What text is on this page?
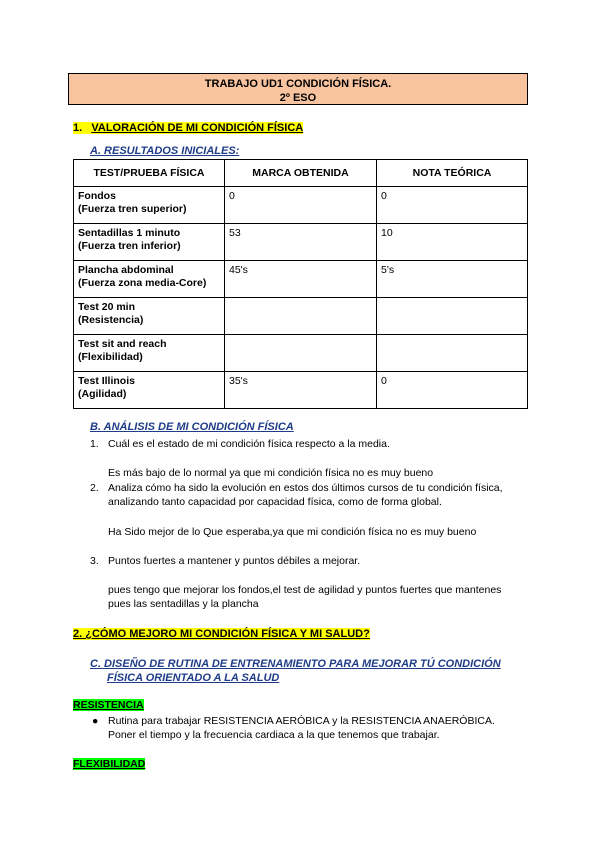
TRABAJO UD1 CONDICIÓN FÍSICA.
2º ESO
1. VALORACIÓN DE MI CONDICIÓN FÍSICA
A. RESULTADOS INICIALES:
TEST/PRUEBA FÍSICA	MARCA OBTENIDA	NOTA TEÓRICA

Fondos
(Fuerza tren superior)	0	0

Sentadillas 1 minuto
(Fuerza tren inferior)	53	10

Plancha abdominal
(Fuerza zona media-Core)	45's	5's

Test 20 min
(Resistencia)		

Test sit and reach
(Flexibilidad)		

Test Illinois
(Agilidad)	35's	0
B. ANÁLISIS DE MI CONDICIÓN FÍSICA
1. Cuál es el estado de mi condición física respecto a la media.
Es más bajo de lo normal ya que mi condición física no es muy bueno
2. Analiza cómo ha sido la evolución en estos dos últimos cursos de tu condición física,
analizando tanto capacidad por capacidad física, como de forma global.
Ha Sido mejor de lo Que esperaba,ya que mi condición física no es muy bueno
3. Puntos fuertes a mantener y puntos débiles a mejorar.
pues tengo que mejorar los fondos,el test de agilidad y puntos fuertes que mantenes
pues las sentadillas y la plancha
2. ¿CÓMO MEJORO MI CONDICIÓN FÍSICA Y MI SALUD?
C. DISEÑO DE RUTINA DE ENTRENAMIENTO PARA MEJORAR TÚ CONDICIÓN
FÍSICA ORIENTADO A LA SALUD
RESISTENCIA
● Rutina para trabajar RESISTENCIA AERÓBICA y la RESISTENCIA ANAERÓBICA.
Poner el tiempo y la frecuencia cardiaca a la que tenemos que trabajar.
FLEXIBILIDAD
